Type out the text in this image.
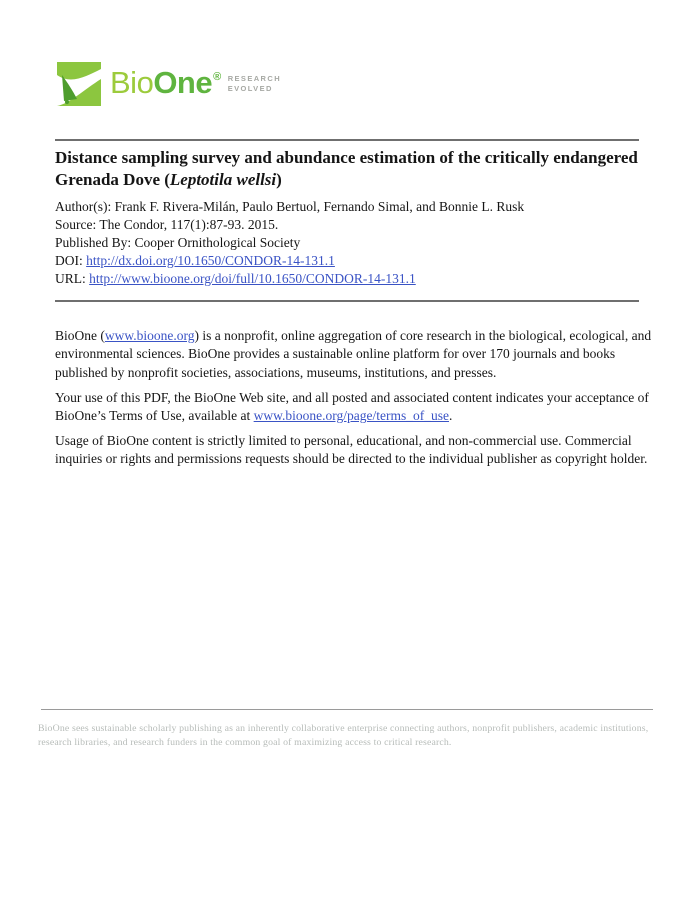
BioOne® RESEARCH
EVOLVED
Distance sampling survey and abundance estimation of the critically endangered Grenada Dove (Leptotila wellsi)
Author(s): Frank F. Rivera-Milán, Paulo Bertuol, Fernando Simal, and Bonnie L. Rusk
Source: The Condor, 117(1):87-93. 2015.
Published By: Cooper Ornithological Society
DOI: http://dx.doi.org/10.1650/CONDOR-14-131.1
URL: http://www.bioone.org/doi/full/10.1650/CONDOR-14-131.1

BioOne (www.bioone.org) is a nonprofit, online aggregation of core research in the biological, ecological, and environmental sciences. BioOne provides a sustainable online platform for over 170 journals and books published by nonprofit societies, associations, museums, institutions, and presses.

Your use of this PDF, the BioOne Web site, and all posted and associated content indicates your acceptance of BioOne’s Terms of Use, available at www.bioone.org/page/terms_of_use.

Usage of BioOne content is strictly limited to personal, educational, and non-commercial use. Commercial inquiries or rights and permissions requests should be directed to the individual publisher as copyright holder.

BioOne sees sustainable scholarly publishing as an inherently collaborative enterprise connecting authors, nonprofit publishers, academic institutions, research libraries, and research funders in the common goal of maximizing access to critical research.
